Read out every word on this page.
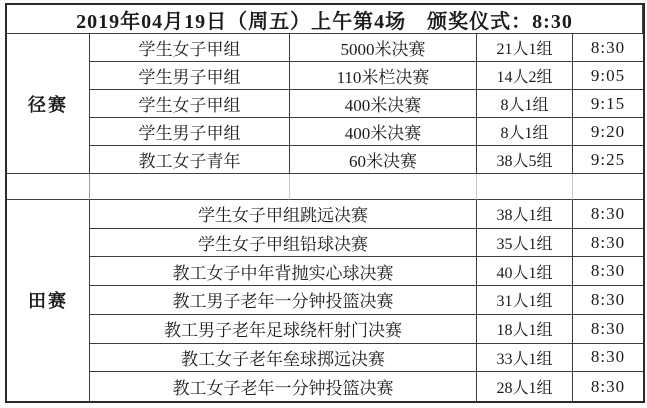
2019年04月19日（周五）上午第4场　颁奖仪式：8:30
径赛
学生女子甲组	5000米决赛	21人1组	8:30
学生男子甲组	110米栏决赛	14人2组	9:05
学生女子甲组	400米决赛	8人1组	9:15
学生男子甲组	400米决赛	8人1组	9:20
教工女子青年	60米决赛	38人5组	9:25
田赛
学生女子甲组跳远决赛	38人1组	8:30
学生女子甲组铅球决赛	35人1组	8:30
教工女子中年背抛实心球决赛	40人1组	8:30
教工男子老年一分钟投篮决赛	31人1组	8:30
教工男子老年足球绕杆射门决赛	18人1组	8:30
教工女子老年垒球掷远决赛	33人1组	8:30
教工女子老年一分钟投篮决赛	28人1组	8:30
